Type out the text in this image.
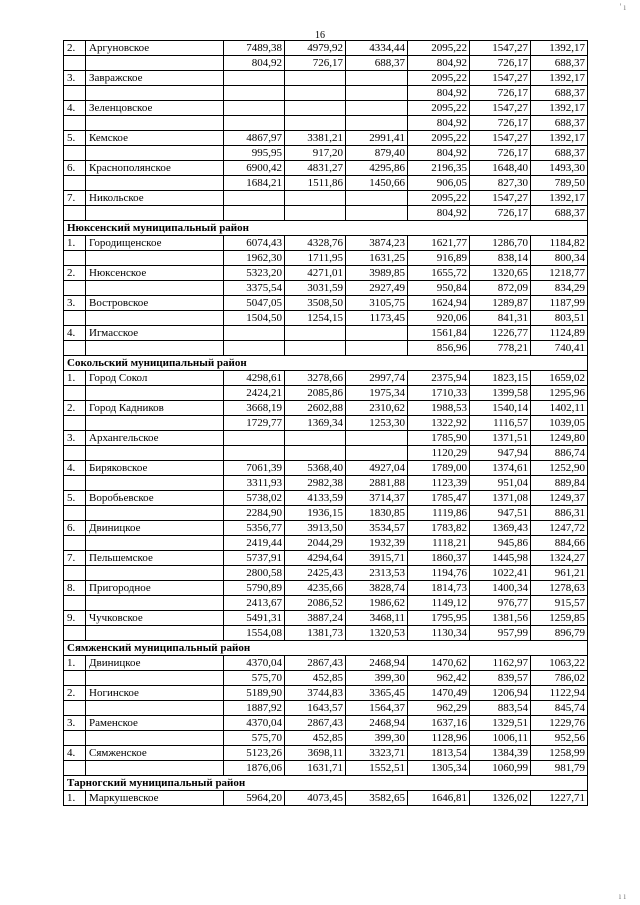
16
' ı
ı ı
2.	Аргуновское	7489,38	4979,92	4334,44	2095,22	1547,27	1392,17
		804,92	726,17	688,37	804,92	726,17	688,37
3.	Завражское				2095,22	1547,27	1392,17
					804,92	726,17	688,37
4.	Зеленцовское				2095,22	1547,27	1392,17
					804,92	726,17	688,37
5.	Кемское	4867,97	3381,21	2991,41	2095,22	1547,27	1392,17
		995,95	917,20	879,40	804,92	726,17	688,37
6.	Краснополянское	6900,42	4831,27	4295,86	2196,35	1648,40	1493,30
		1684,21	1511,86	1450,66	906,05	827,30	789,50
7.	Никольское				2095,22	1547,27	1392,17
					804,92	726,17	688,37
Нюксенский муниципальный район							
1.	Городищенское	6074,43	4328,76	3874,23	1621,77	1286,70	1184,82
		1962,30	1711,95	1631,25	916,89	838,14	800,34
2.	Нюксенское	5323,20	4271,01	3989,85	1655,72	1320,65	1218,77
		3375,54	3031,59	2927,49	950,84	872,09	834,29
3.	Востровское	5047,05	3508,50	3105,75	1624,94	1289,87	1187,99
		1504,50	1254,15	1173,45	920,06	841,31	803,51
4.	Игмасское				1561,84	1226,77	1124,89
					856,96	778,21	740,41
Сокольский муниципальный район							
1.	Город Сокол	4298,61	3278,66	2997,74	2375,94	1823,15	1659,02
		2424,21	2085,86	1975,34	1710,33	1399,58	1295,96
2.	Город Кадников	3668,19	2602,88	2310,62	1988,53	1540,14	1402,11
		1729,77	1369,34	1253,30	1322,92	1116,57	1039,05
3.	Архангельское				1785,90	1371,51	1249,80
					1120,29	947,94	886,74
4.	Биряковское	7061,39	5368,40	4927,04	1789,00	1374,61	1252,90
		3311,93	2982,38	2881,88	1123,39	951,04	889,84
5.	Воробьевское	5738,02	4133,59	3714,37	1785,47	1371,08	1249,37
		2284,90	1936,15	1830,85	1119,86	947,51	886,31
6.	Двиницкое	5356,77	3913,50	3534,57	1783,82	1369,43	1247,72
		2419,44	2044,29	1932,39	1118,21	945,86	884,66
7.	Пельшемское	5737,91	4294,64	3915,71	1860,37	1445,98	1324,27
		2800,58	2425,43	2313,53	1194,76	1022,41	961,21
8.	Пригородное	5790,89	4235,66	3828,74	1814,73	1400,34	1278,63
		2413,67	2086,52	1986,62	1149,12	976,77	915,57
9.	Чучковское	5491,31	3887,24	3468,11	1795,95	1381,56	1259,85
		1554,08	1381,73	1320,53	1130,34	957,99	896,79
Сямженский муниципальный район							
1.	Двиницкое	4370,04	2867,43	2468,94	1470,62	1162,97	1063,22
		575,70	452,85	399,30	962,42	839,57	786,02
2.	Ногинское	5189,90	3744,83	3365,45	1470,49	1206,94	1122,94
		1887,92	1643,57	1564,37	962,29	883,54	845,74
3.	Раменское	4370,04	2867,43	2468,94	1637,16	1329,51	1229,76
		575,70	452,85	399,30	1128,96	1006,11	952,56
4.	Сямженское	5123,26	3698,11	3323,71	1813,54	1384,39	1258,99
		1876,06	1631,71	1552,51	1305,34	1060,99	981,79
Тарногский муниципальный район							
1.	Маркушевское	5964,20	4073,45	3582,65	1646,81	1326,02	1227,71
